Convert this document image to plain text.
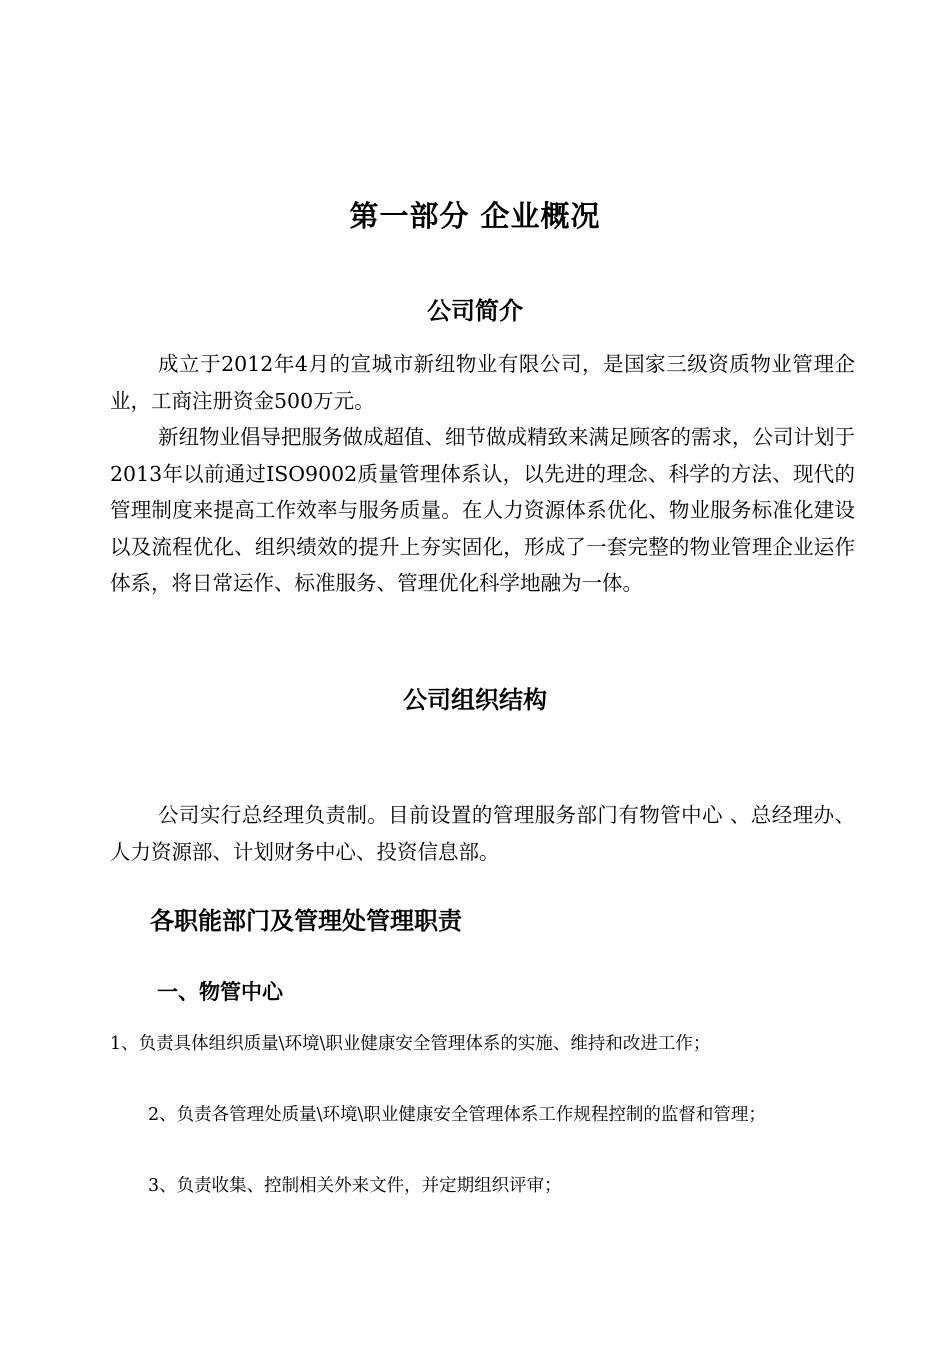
第一部分 企业概况
公司简介

成立于2012年4月的宣城市新纽物业有限公司，是国家三级资质物业管理企业，工商注册资金500万元。

新纽物业倡导把服务做成超值、细节做成精致来满足顾客的需求，公司计划于2013年以前通过ISO9002质量管理体系认，以先进的理念、科学的方法、现代的管理制度来提高工作效率与服务质量。在人力资源体系优化、物业服务标准化建设以及流程优化、组织绩效的提升上夯实固化，形成了一套完整的物业管理企业运作体系，将日常运作、标准服务、管理优化科学地融为一体。

公司组织结构

公司实行总经理负责制。目前设置的管理服务部门有物管中心 、总经理办、人力资源部、计划财务中心、投资信息部。

各职能部门及管理处管理职责
一、物管中心

1、负责具体组织质量\环境\职业健康安全管理体系的实施、维持和改进工作；

2、负责各管理处质量\环境\职业健康安全管理体系工作规程控制的监督和管理；

3、负责收集、控制相关外来文件，并定期组织评审；
